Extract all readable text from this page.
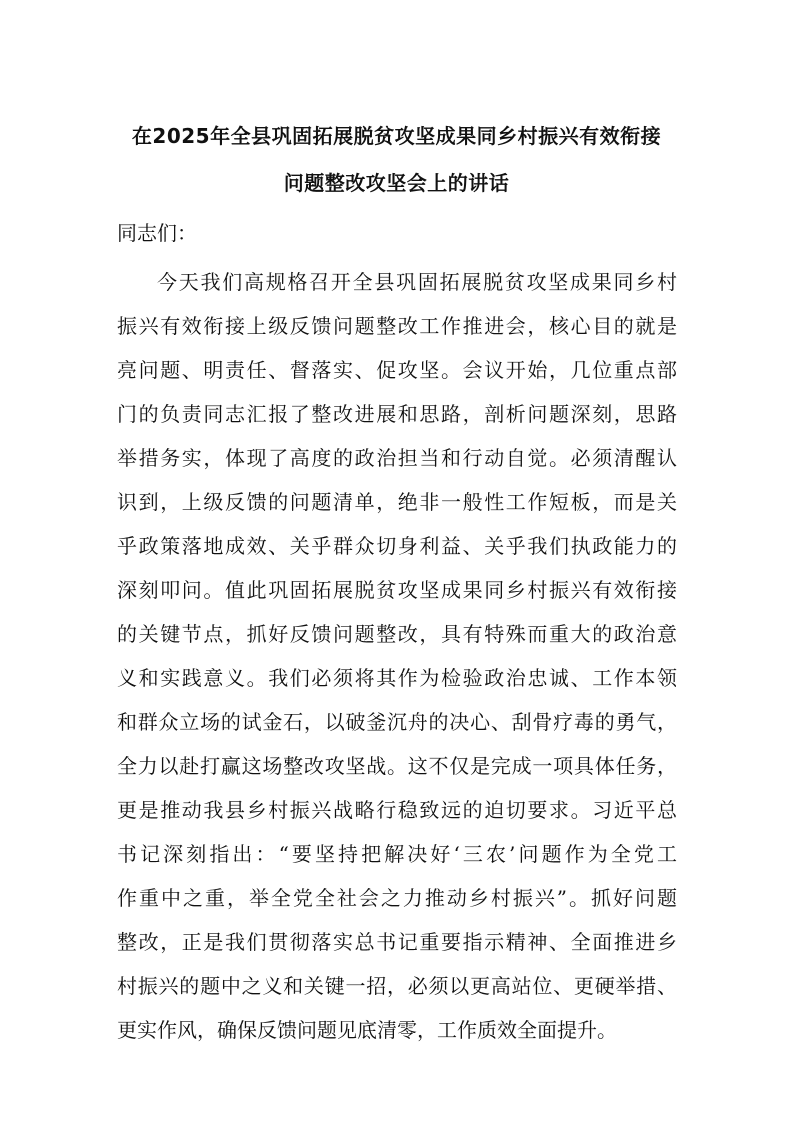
在2025年全县巩固拓展脱贫攻坚成果同乡村振兴有效衔接
问题整改攻坚会上的讲话
同志们：
今天我们高规格召开全县巩固拓展脱贫攻坚成果同乡村
振兴有效衔接上级反馈问题整改工作推进会，核心目的就是
亮问题、明责任、督落实、促攻坚。会议开始，几位重点部
门的负责同志汇报了整改进展和思路，剖析问题深刻，思路
举措务实，体现了高度的政治担当和行动自觉。必须清醒认
识到，上级反馈的问题清单，绝非一般性工作短板，而是关
乎政策落地成效、关乎群众切身利益、关乎我们执政能力的
深刻叩问。值此巩固拓展脱贫攻坚成果同乡村振兴有效衔接
的关键节点，抓好反馈问题整改，具有特殊而重大的政治意
义和实践意义。我们必须将其作为检验政治忠诚、工作本领
和群众立场的试金石，以破釜沉舟的决心、刮骨疗毒的勇气，
全力以赴打赢这场整改攻坚战。这不仅是完成一项具体任务，
更是推动我县乡村振兴战略行稳致远的迫切要求。习近平总
书记深刻指出：“要坚持把解决好‘三农’问题作为全党工
作重中之重，举全党全社会之力推动乡村振兴”。抓好问题
整改，正是我们贯彻落实总书记重要指示精神、全面推进乡
村振兴的题中之义和关键一招，必须以更高站位、更硬举措、
更实作风，确保反馈问题见底清零，工作质效全面提升。
